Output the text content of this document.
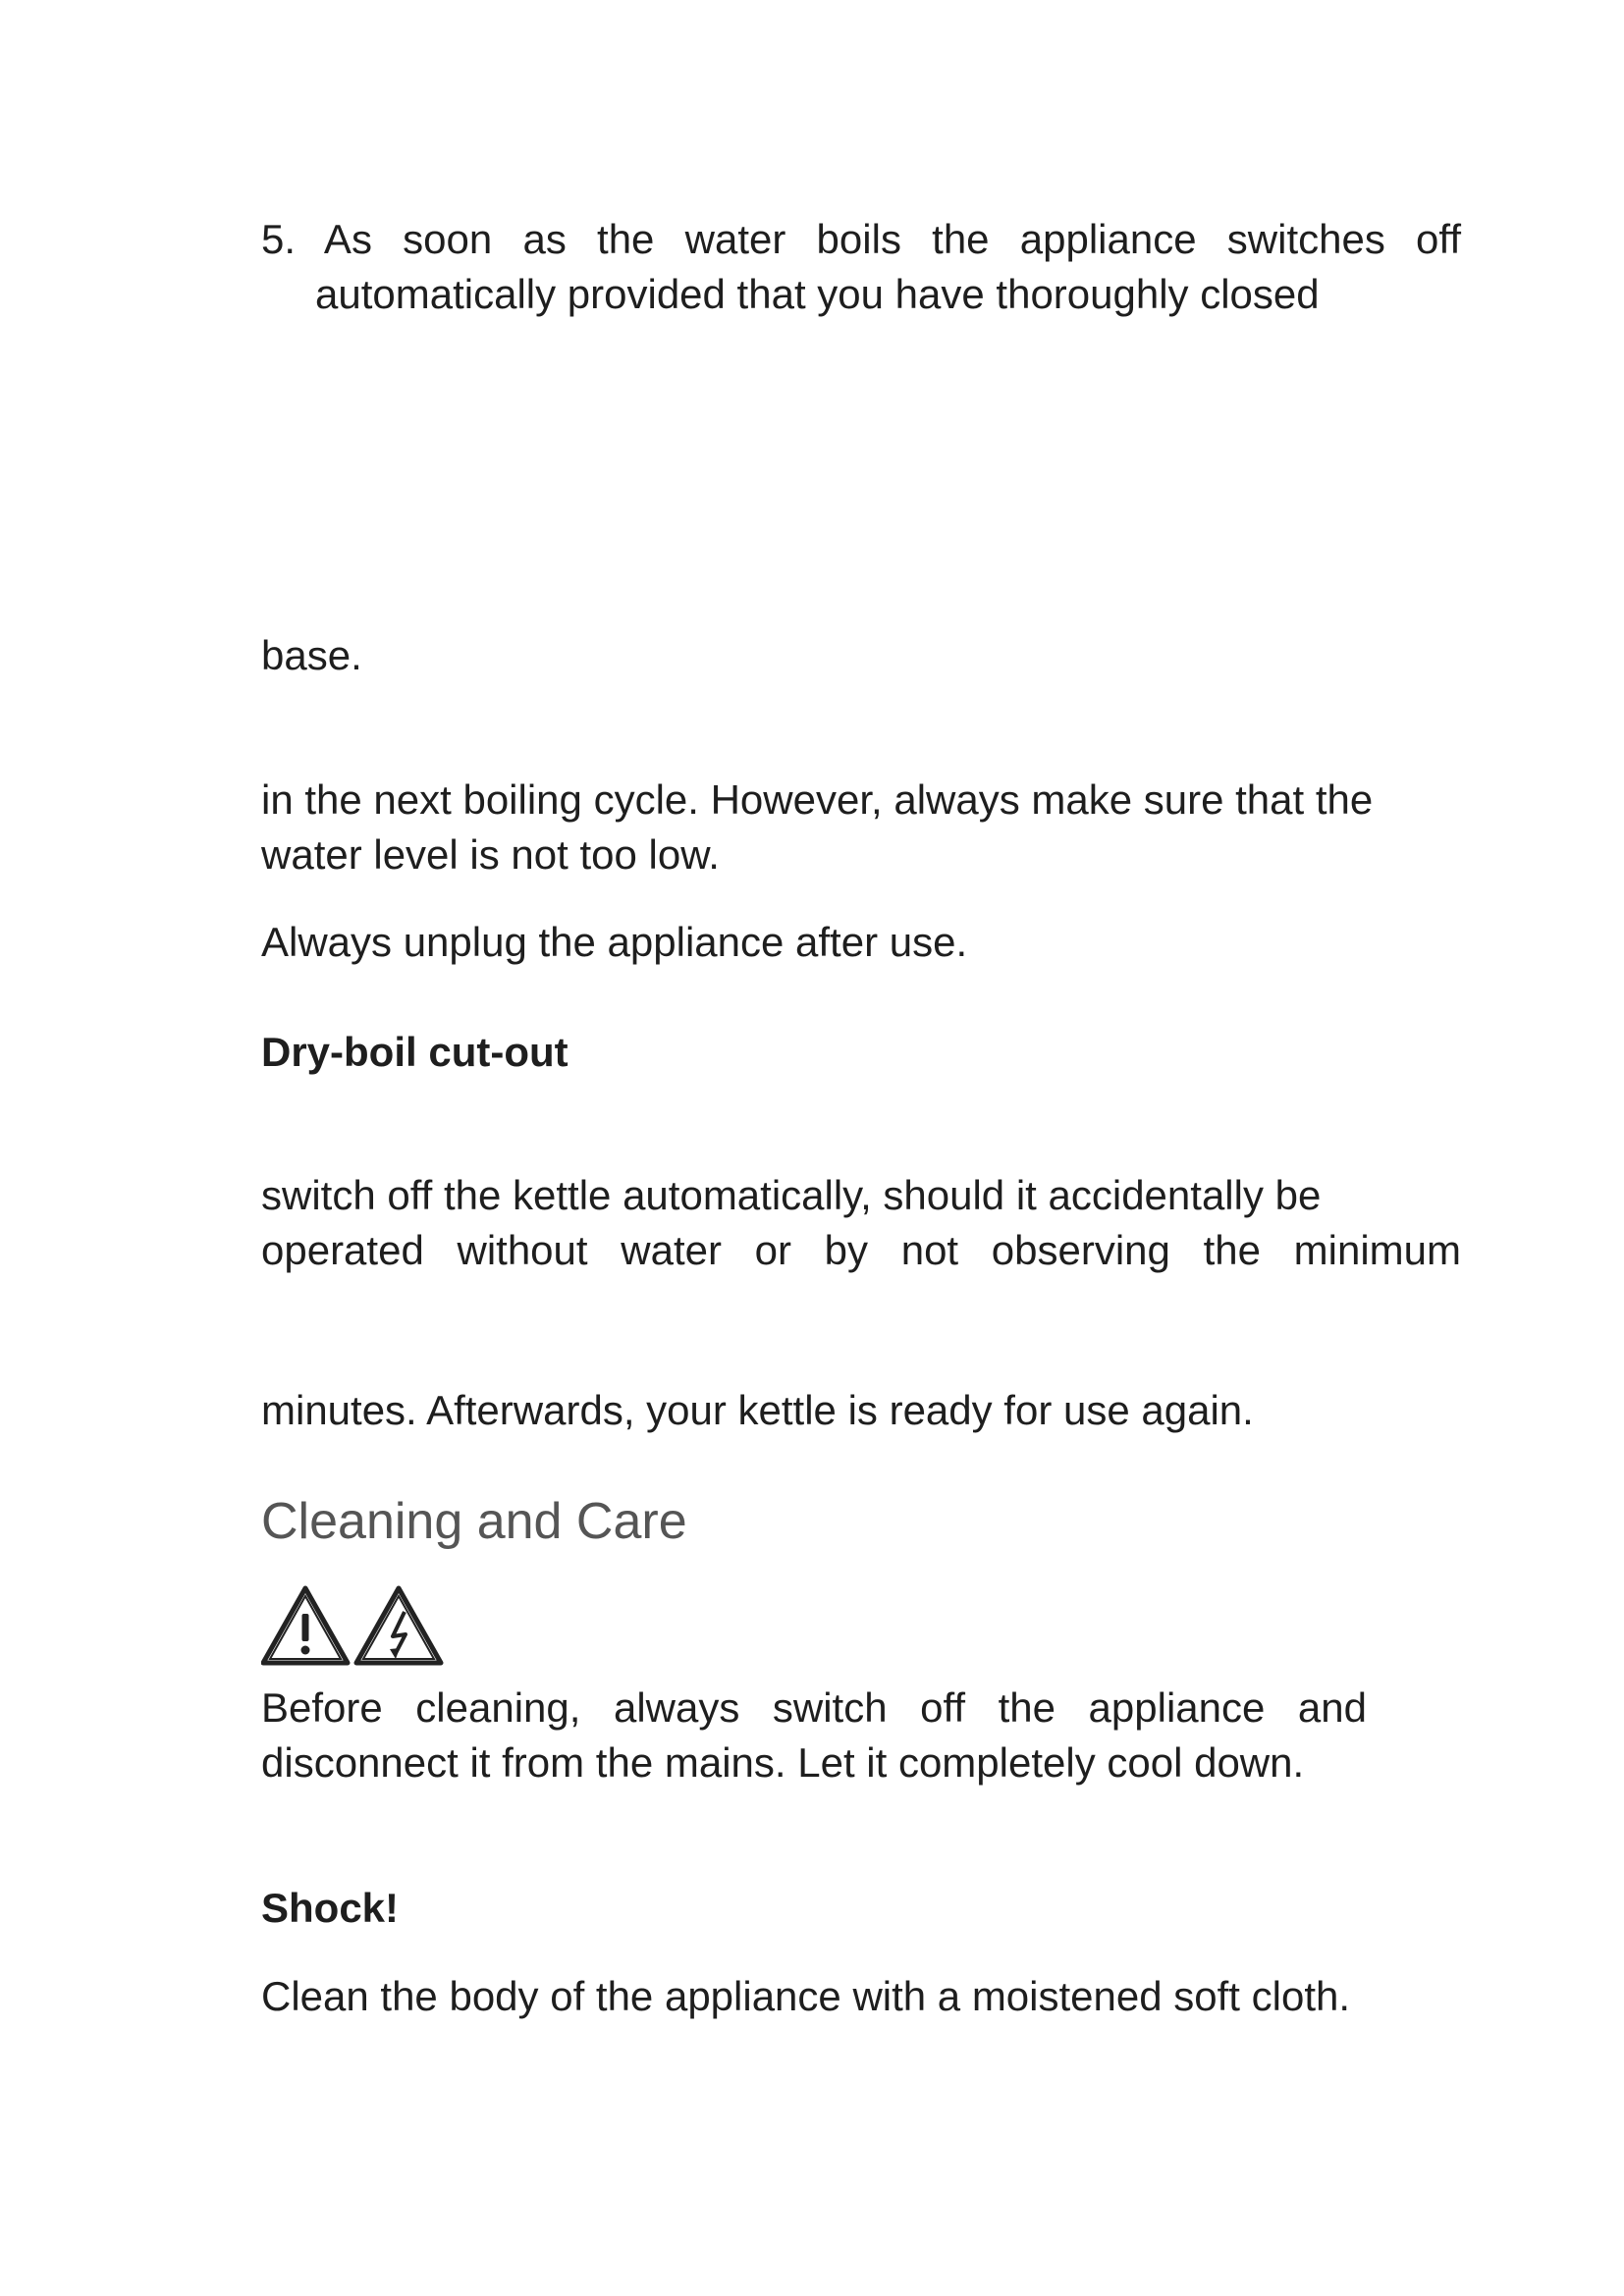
5. As soon as the water boils the appliance switches off
automatically provided that you have thoroughly closed
base.
in the next boiling cycle. However, always make sure that the
water level is not too low.
Always unplug the appliance after use.
Dry-boil cut-out
switch off the kettle automatically, should it accidentally be
operated without water or by not observing the minimum
minutes. Afterwards, your kettle is ready for use again.
Cleaning and Care
Before cleaning, always switch off the appliance and
disconnect it from the mains. Let it completely cool down.
Shock!
Clean the body of the appliance with a moistened soft cloth.
